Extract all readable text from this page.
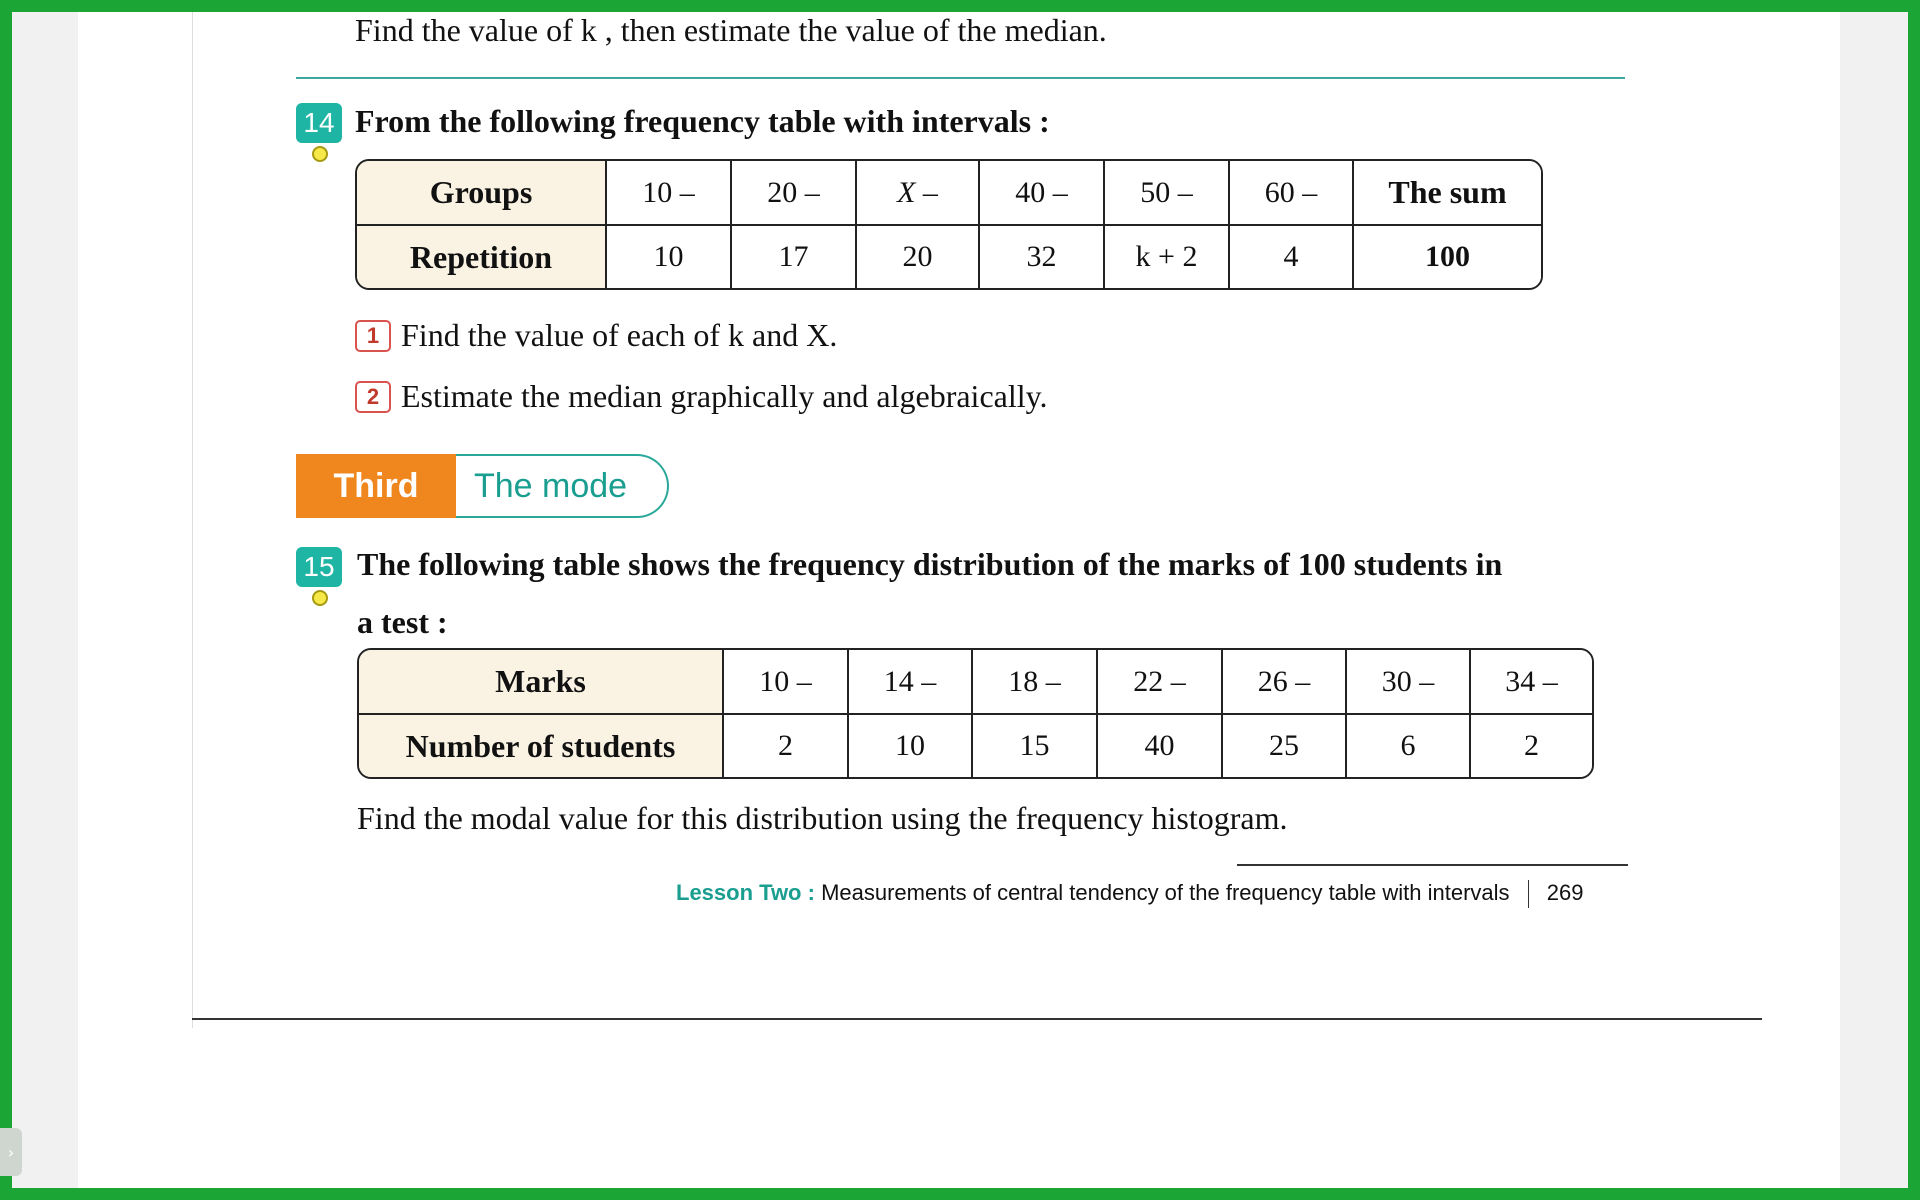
Find the value of k , then estimate the value of the median.
14 From the following frequency table with intervals :
Groups	10 –	20 –	X –	40 –	50 –	60 –	The sum
Repetition	10	17	20	32	k + 2	4	100
1 Find the value of each of k and X.
2 Estimate the median graphically and algebraically.
Third	The mode
15 The following table shows the frequency distribution of the marks of 100 students in
a test :
Marks	10 –	14 –	18 –	22 –	26 –	30 –	34 –
Number of students	2	10	15	40	25	6	2
Find the modal value for this distribution using the frequency histogram.
Lesson Two : Measurements of central tendency of the frequency table with intervals 269
›
